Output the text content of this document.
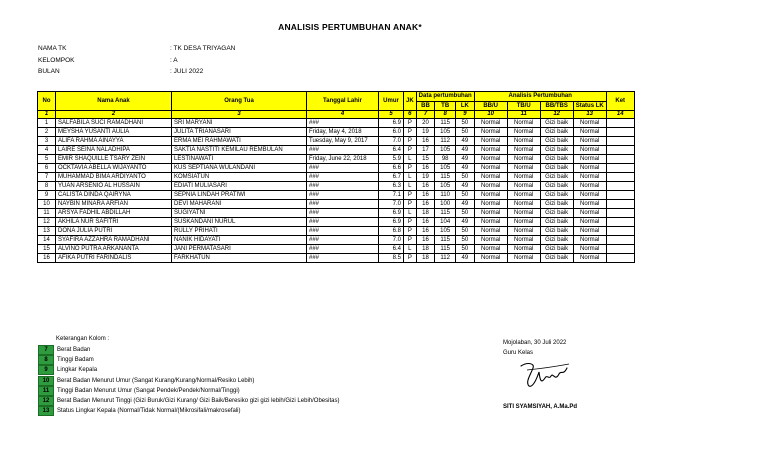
ANALISIS PERTUMBUHAN ANAK*
NAMA TK	: TK DESA TRIYAGAN
KELOMPOK	: A
BULAN	: JULI 2022
No	Nama Anak	Orang Tua	Tanggal Lahir	Umur	JK	Data pertumbuhan			Analisis Pertumbuhan				Ket
						BB	TB	LK	BB/U	TB/U	BB/TBS	Status LK	
1	2	3	4	5	6	7	8	9	10	11	12	13	14
1	SALFABILA SUCI RAMADHANI	SRI MARYANI	###	6.9	P	20	115	50	Normal	Normal	Gizi baik	Normal	
2	MEYSHA YUSANTI AULIA	JULITA TRIANASARI	Friday, May 4, 2018	6.0	P	19	105	50	Normal	Normal	Gizi baik	Normal	
3	ALIFA RAHMA AINAYYA	ERMA MEI RAHMAWATI	Tuesday, May 9, 2017	7.0	P	16	112	49	Normal	Normal	Gizi baik	Normal	
4	LAIRE SEINA NALADHIPA	SAKTIA NASTITI KEMILAU REMBULAN	###	6.4	P	17	105	49	Normal	Normal	Gizi baik	Normal	
5	EMIR SHAQUILLE TSARY ZEIN	LESTINAWATI	Friday, June 22, 2018	5.9	L	15	98	49	Normal	Normal	Gizi baik	Normal	
6	OCKTAVIA ABELLA WIJAYANTO	KUS SEPTIANA WULANDANI	###	6.6	P	16	105	49	Normal	Normal	Gizi baik	Normal	
7	MUHAMMAD BIMA ARDIYANTO	KOMSIATUN	###	6.7	L	19	115	50	Normal	Normal	Gizi baik	Normal	
8	YUAN ARSENIO AL HUSSAIN	EDIATI MULIASARI	###	6.3	L	16	105	49	Normal	Normal	Gizi baik	Normal	
9	CALISTA DINDA QAIRYNA	SEPNIA LINDAH PRATIWI	###	7.1	P	16	110	50	Normal	Normal	Gizi baik	Normal	
10	NAYBIN MINARA ARFIAN	DEVI MAHARANI	###	7.0	P	16	100	49	Normal	Normal	Gizi baik	Normal	
11	ARSYA FADHIL ABDILLAH	SUGIYATNI	###	6.9	L	18	115	50	Normal	Normal	Gizi baik	Normal	
12	AKHILA NUR SAFITRI	SUSKANDANI NURUL	###	6.9	P	16	104	49	Normal	Normal	Gizi baik	Normal	
13	DONA JULIA PUTRI	RULLY PRIHATI	###	6.8	P	16	105	50	Normal	Normal	Gizi baik	Normal	
14	SYAFIRA AZZAHRA RAMADHANI	NANIK HIDAYATI	###	7.0	P	16	115	50	Normal	Normal	Gizi baik	Normal	
15	ALVINO PUTRA ARKANANTA	JANI PERMATASARI	###	6.4	L	18	115	50	Normal	Normal	Gizi baik	Normal	
16	AFIKA PUTRI FARINDALIS	FARKHATUN	###	8.5	P	18	112	49	Normal	Normal	Gizi baik	Normal	
Keterangan Kolom :
7	Berat Badan
8	Tinggi Badam
9	Lingkar Kepala
10	Berat Badan Menurut Umur (Sangat Kurang/Kurang/Normal/Resiko Lebih)
11	Tinggi Badan Menurut Umur (Sangat Pendek/Pendek/Normal/Tinggi)
12	Berat Badan Menurut Tinggi (Gizi Buruk/Gizi Kurang/ Gizi Baik/Beresiko gizi gizi lebih/Gizi Lebih/Obesitas)
13	Status Lingkar Kepala (Normal/Tidak Normal/(Mikrosifali/makrosefali)
Mojolaban, 30 Juli 2022
Guru Kelas
SITI SYAMSIYAH, A.Ma.Pd
